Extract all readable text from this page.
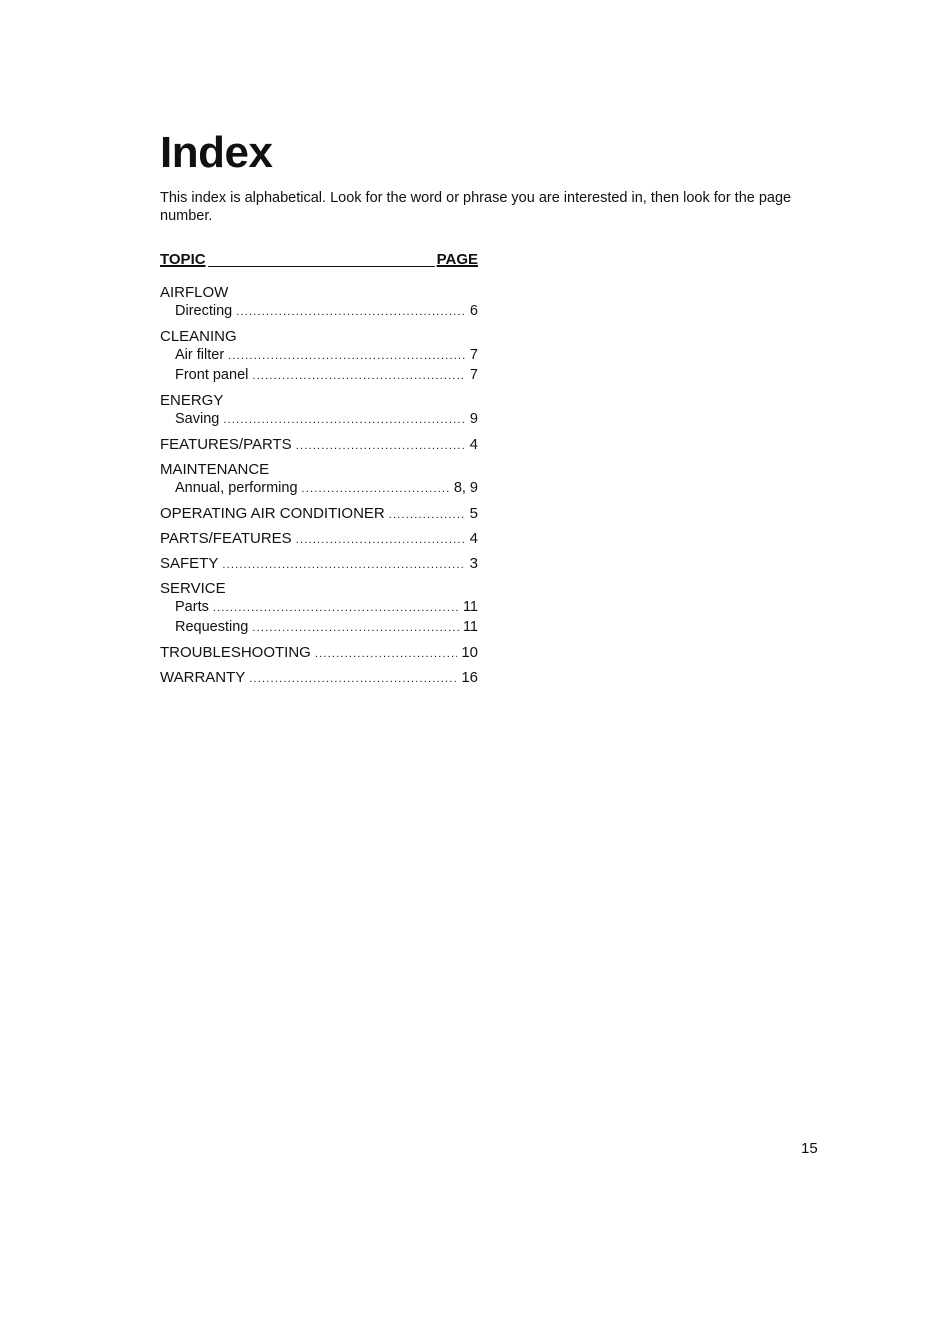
Index

This index is alphabetical. Look for the word or phrase you are interested in, then look for the page number.

TOPIC	PAGE
AIRFLOW
Directing .....	6
CLEANING
Air filter .....	7
Front panel .....	7
ENERGY
Saving .....	9
FEATURES/PARTS .....	4
MAINTENANCE
Annual, performing .....	8, 9
OPERATING AIR CONDITIONER .....	5
PARTS/FEATURES .....	4
SAFETY .....	3
SERVICE
Parts .....	11
Requesting .....	11
TROUBLESHOOTING .....	10
WARRANTY .....	16
15
